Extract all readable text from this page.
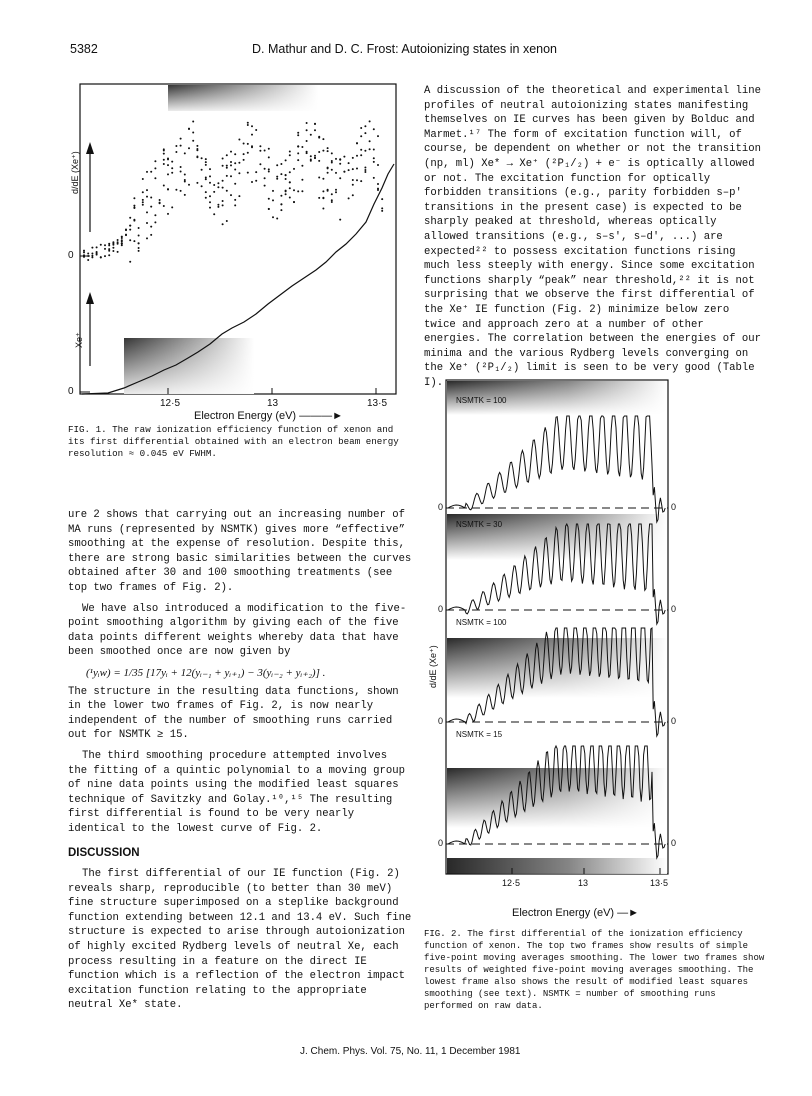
5382	D. Mathur and D. C. Frost: Autoionizing states in xenon
0
0
d/dE (Xe⁺)
Xe⁺
12·5	13	13·5
Electron Energy (eV) ———►
FIG. 1. The raw ionization efficiency function of xenon and its first differential obtained with an electron beam energy resolution ≈ 0.045 eV FWHM.

ure 2 shows that carrying out an increasing number of MA runs (represented by NSMTK) gives more “effective” smoothing at the expense of resolution. Despite this, there are strong basic similarities between the curves obtained after 30 and 100 smoothing treatments (see top two frames of Fig. 2).

We have also introduced a modification to the five-point smoothing algorithm by giving each of the five data points different weights whereby data that have been smoothed once are now given by

(¹yᵢw) = 1/35 [17yᵢ + 12(yᵢ₋₁ + yᵢ₊₁) − 3(yᵢ₋₂ + yᵢ₊₂)] .

The structure in the resulting data functions, shown in the lower two frames of Fig. 2, is now nearly independent of the number of smoothing runs carried out for NSMTK ≥ 15.

The third smoothing procedure attempted involves the fitting of a quintic polynomial to a moving group of nine data points using the modified least squares technique of Savitzky and Golay.¹⁰,¹⁵ The resulting first differential is found to be very nearly identical to the lowest curve of Fig. 2.

DISCUSSION

The first differential of our IE function (Fig. 2) reveals sharp, reproducible (to better than 30 meV) fine structure superimposed on a steplike background function extending between 12.1 and 13.4 eV. Such fine structure is expected to arise through autoionization of highly excited Rydberg levels of neutral Xe, each process resulting in a feature on the direct IE function which is a reflection of the electron impact excitation function relating to the appropriate neutral Xe* state.

A discussion of the theoretical and experimental line profiles of neutral autoionizing states manifesting themselves on IE curves has been given by Bolduc and Marmet.¹⁷ The form of excitation function will, of course, be dependent on whether or not the transition (np, ml) Xe* → Xe⁺ (²P₁/₂) + e⁻ is optically allowed or not. The excitation function for optically forbidden transitions (e.g., parity forbidden s–p′ transitions in the present case) is expected to be sharply peaked at threshold, whereas optically allowed transitions (e.g., s–s′, s–d′, ...) are expected²² to possess excitation functions rising much less steeply with energy. Since some excitation functions sharply “peak” near threshold,²² it is not surprising that we observe the first differential of the Xe⁺ IE function (Fig. 2) minimize below zero twice and approach zero at a number of other energies. The correlation between the energies of our minima and the various Rydberg levels converging on the Xe⁺ (²P₁/₂) limit is seen to be very good (Table I).

NSMTK = 100
NSMTK = 30
NSMTK = 100
NSMTK = 15
0
0
0
0
0
0
0
0
d/dE (Xe⁺)
12·5	13	13·5
Electron Energy (eV) —►
FIG. 2. The first differential of the ionization efficiency function of xenon. The top two frames show results of simple five-point moving averages smoothing. The lower two frames show results of weighted five-point moving averages smoothing. The lowest frame also shows the result of modified least squares smoothing (see text). NSMTK = number of smoothing runs performed on raw data.
J. Chem. Phys. Vol. 75, No. 11, 1 December 1981
